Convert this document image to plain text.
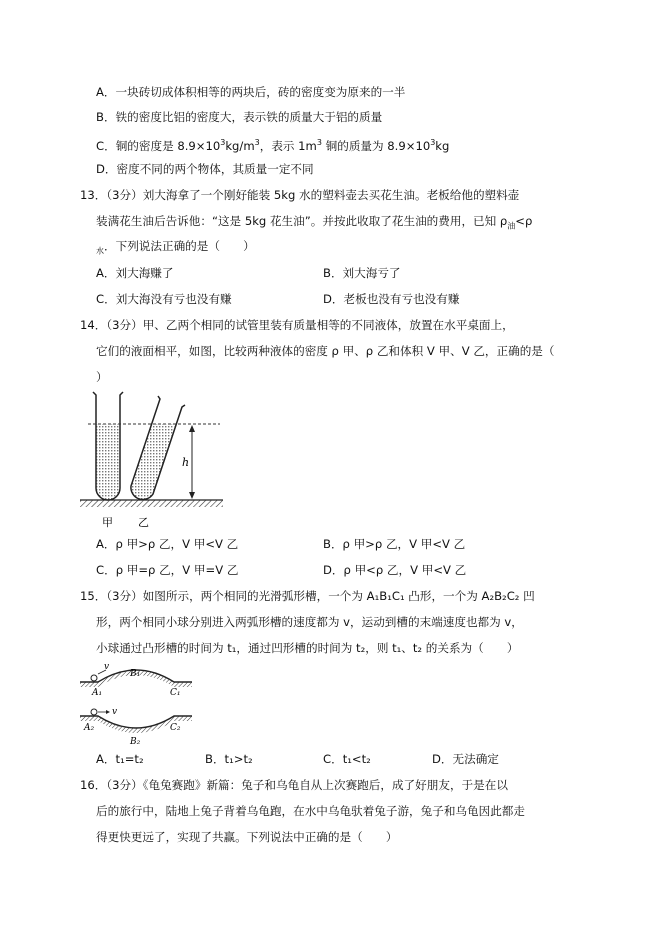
A．一块砖切成体积相等的两块后，砖的密度变为原来的一半
B．铁的密度比铝的密度大，表示铁的质量大于铝的质量
C．铜的密度是 $8.9\times 10^3kg/m^3$，表示 $1m^3$ 铜的质量为 $8.9\times 10^3kg$
D．密度不同的两个物体，其质量一定不同
13．（3分）刘大海拿了一个刚好能装 5kg 水的塑料壶去买花生油。老板给他的塑料壶
装满花生油后告诉他：“这是 5kg 花生油”。并按此收取了花生油的费用，已知 $\rho_油<\rho$
$_水$．下列说法正确的是（　　）
A．刘大海赚了	B．刘大海亏了
C．刘大海没有亏也没有赚	D．老板也没有亏也没有赚
14．（3分）甲、乙两个相同的试管里装有质量相等的不同液体，放置在水平桌面上，
它们的液面相平，如图，比较两种液体的密度 ρ 甲、ρ 乙和体积 V 甲、V 乙，正确的是（
）
h
甲 乙
A．ρ 甲>ρ 乙，V 甲<V 乙	B．ρ 甲>ρ 乙，V 甲<V 乙
C．ρ 甲=ρ 乙，V 甲=V 乙	D．ρ 甲<ρ 乙，V 甲<V 乙
15．（3分）如图所示，两个相同的光滑弧形槽，一个为 A₁B₁C₁ 凸形，一个为 A₂B₂C₂ 凹
形，两个相同小球分别进入两弧形槽的速度都为 v，运动到槽的末端速度也都为 v，
小球通过凸形槽的时间为 t₁，通过凹形槽的时间为 t₂，则 t₁、t₂ 的关系为（　　）
v
A₁
B₁
C₁
v
A₂
B₂
C₂
A．t₁=t₂	B．t₁>t₂	C．t₁<t₂	D．无法确定
16．（3分）《龟兔赛跑》新篇：兔子和乌龟自从上次赛跑后，成了好朋友，于是在以
后的旅行中，陆地上兔子背着乌龟跑，在水中乌龟驮着兔子游，兔子和乌龟因此都走
得更快更远了，实现了共赢。下列说法中正确的是（　　）
